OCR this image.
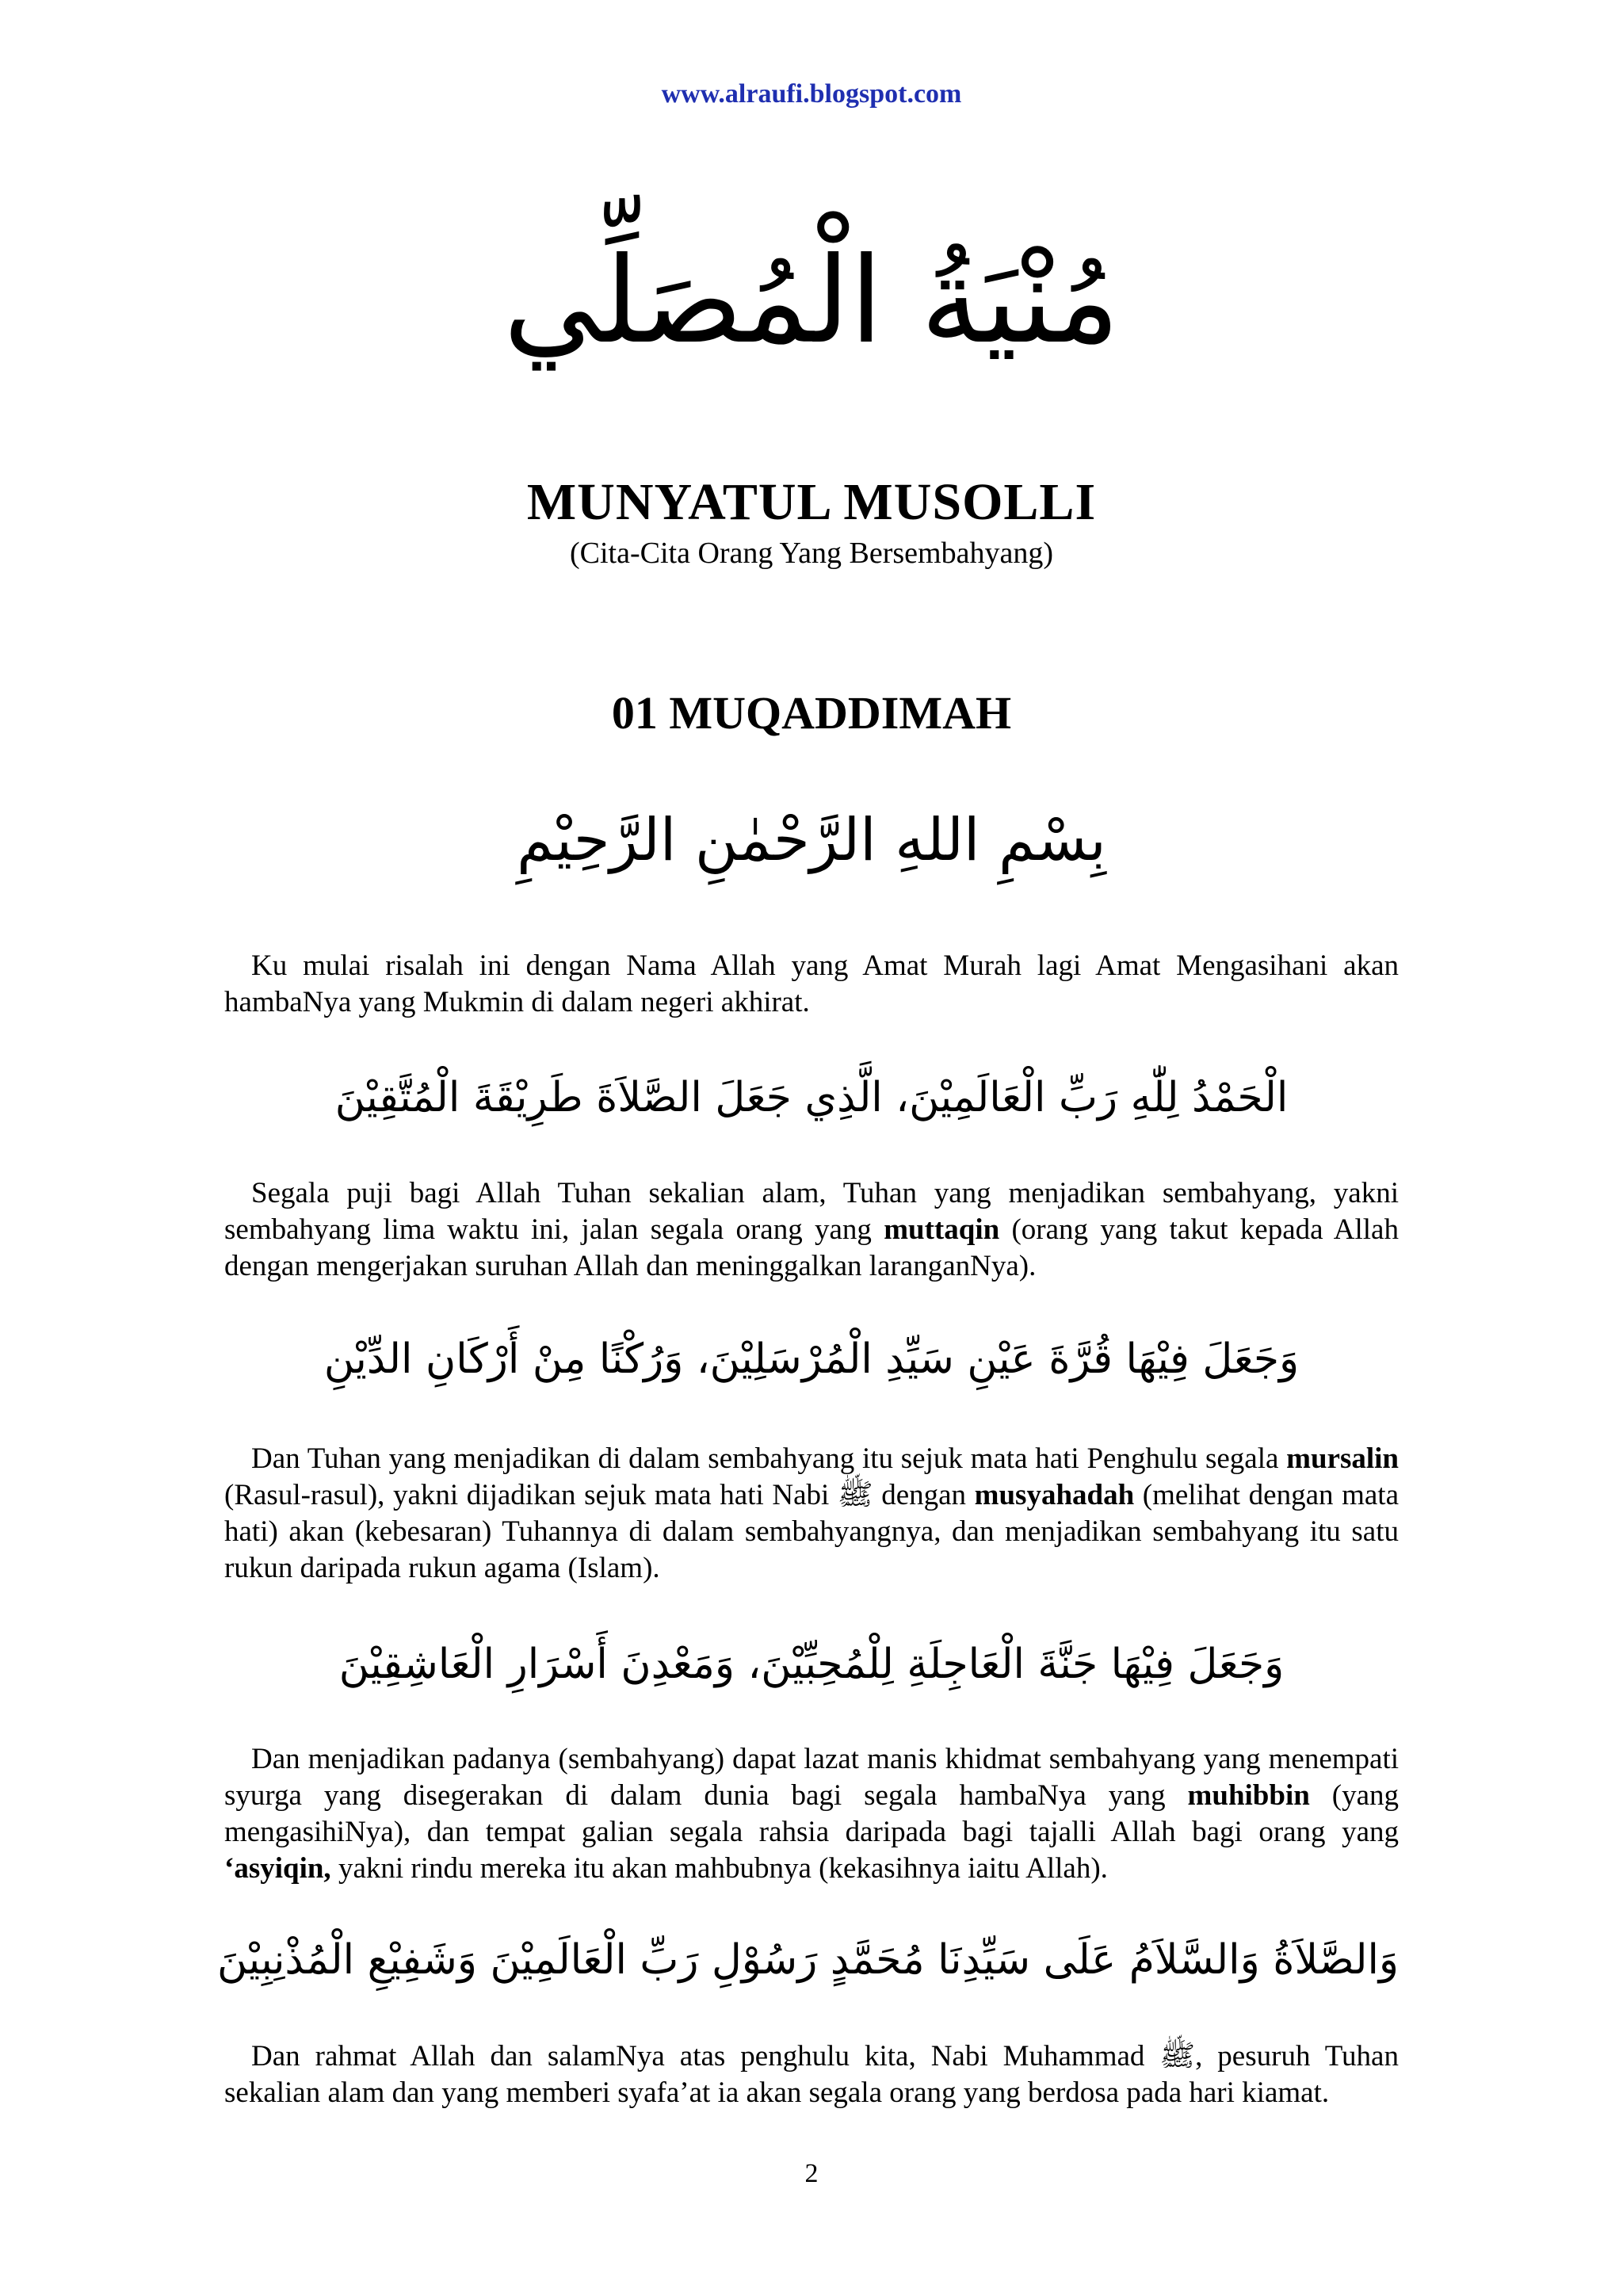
www.alraufi.blogspot.com
مُنْيَةُ الْمُصَلِّي
MUNYATUL MUSOLLI
(Cita-Cita Orang Yang Bersembahyang)
01 MUQADDIMAH
بِسْمِ اللهِ الرَّحْمٰنِ الرَّحِيْمِ
Ku mulai risalah ini dengan Nama Allah yang Amat Murah lagi Amat Mengasihani akan hambaNya yang Mukmin di dalam negeri akhirat.
الْحَمْدُ لِلّٰهِ رَبِّ الْعَالَمِيْنَ، الَّذِي جَعَلَ الصَّلاَةَ طَرِيْقَةَ الْمُتَّقِيْنَ
Segala puji bagi Allah Tuhan sekalian alam, Tuhan yang menjadikan sembahyang, yakni sembahyang lima waktu ini, jalan segala orang yang muttaqin (orang yang takut kepada Allah dengan mengerjakan suruhan Allah dan meninggalkan laranganNya).
وَجَعَلَ فِيْهَا قُرَّةَ عَيْنِ سَيِّدِ الْمُرْسَلِيْنَ، وَرُكْنًا مِنْ أَرْكَانِ الدِّيْنِ
Dan Tuhan yang menjadikan di dalam sembahyang itu sejuk mata hati Penghulu segala mursalin (Rasul-rasul), yakni dijadikan sejuk mata hati Nabi ﷺ dengan musyahadah (melihat dengan mata hati) akan (kebesaran) Tuhannya di dalam sembahyangnya, dan menjadikan sembahyang itu satu rukun daripada rukun agama (Islam).
وَجَعَلَ فِيْهَا جَنَّةَ الْعَاجِلَةِ لِلْمُحِبِّيْنَ، وَمَعْدِنَ أَسْرَارِ الْعَاشِقِيْنَ
Dan menjadikan padanya (sembahyang) dapat lazat manis khidmat sembahyang yang menempati syurga yang disegerakan di dalam dunia bagi segala hambaNya yang muhibbin (yang mengasihiNya), dan tempat galian segala rahsia daripada bagi tajalli Allah bagi orang yang ‘asyiqin, yakni rindu mereka itu akan mahbubnya (kekasihnya iaitu Allah).
وَالصَّلاَةُ وَالسَّلاَمُ عَلَى سَيِّدِنَا مُحَمَّدٍ رَسُوْلِ رَبِّ الْعَالَمِيْنَ وَشَفِيْعِ الْمُذْنِبِيْنَ
Dan rahmat Allah dan salamNya atas penghulu kita, Nabi Muhammad ﷺ, pesuruh Tuhan sekalian alam dan yang memberi syafa’at ia akan segala orang yang berdosa pada hari kiamat.
2
